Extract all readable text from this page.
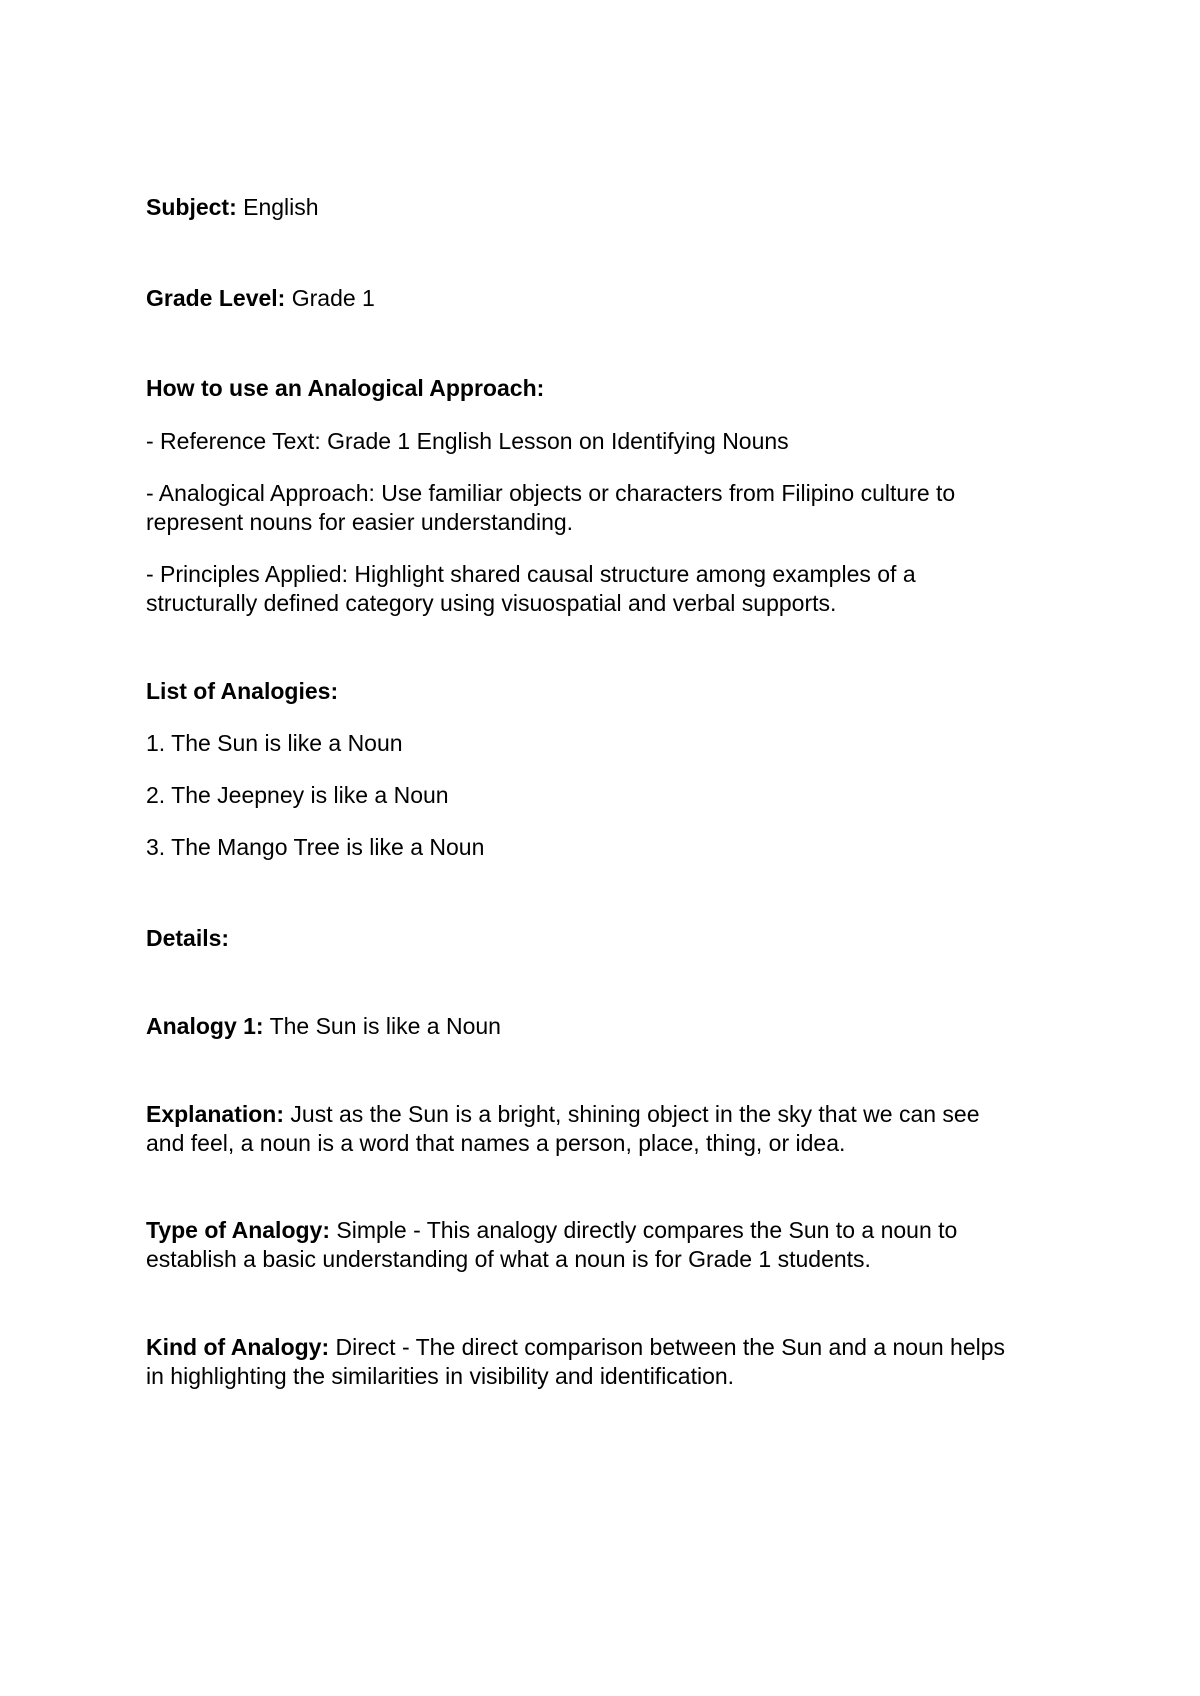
Subject: English
Grade Level: Grade 1
How to use an Analogical Approach:
- Reference Text: Grade 1 English Lesson on Identifying Nouns
- Analogical Approach: Use familiar objects or characters from Filipino culture to
represent nouns for easier understanding.
- Principles Applied: Highlight shared causal structure among examples of a
structurally defined category using visuospatial and verbal supports.
List of Analogies:
1. The Sun is like a Noun
2. The Jeepney is like a Noun
3. The Mango Tree is like a Noun
Details:
Analogy 1: The Sun is like a Noun
Explanation: Just as the Sun is a bright, shining object in the sky that we can see
and feel, a noun is a word that names a person, place, thing, or idea.
Type of Analogy: Simple - This analogy directly compares the Sun to a noun to
establish a basic understanding of what a noun is for Grade 1 students.
Kind of Analogy: Direct - The direct comparison between the Sun and a noun helps
in highlighting the similarities in visibility and identification.
